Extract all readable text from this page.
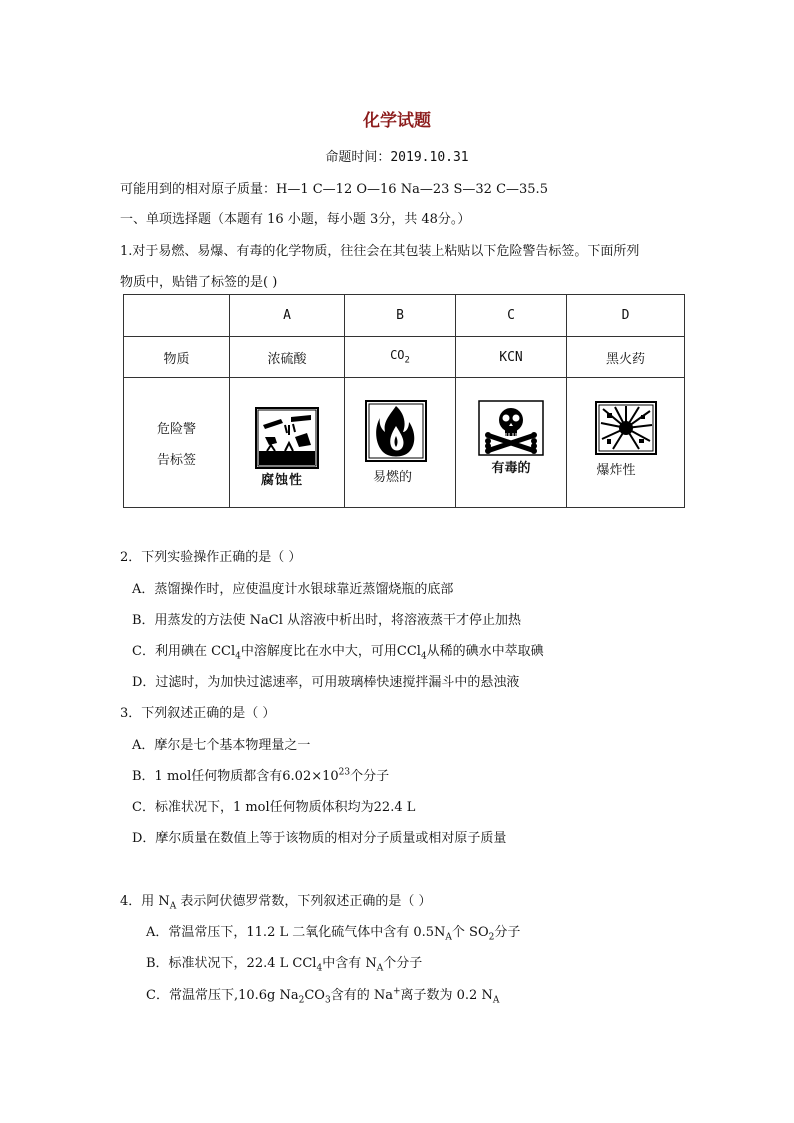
化学试题
命题时间：2019.10.31
可能用到的相对原子质量：H—1 C—12 O—16 Na—23 S—32 C—35.5
一、单项选择题（本题有 16 小题，每小题 3分，共 48分。）
1.对于易燃、易爆、有毒的化学物质，往往会在其包装上粘贴以下危险警告标签。下面所列
物质中，贴错了标签的是( )
	A	B	C	D
物质	浓硫酸	$CO_2$	KCN	黑火药

危险警
告标签	腐蚀性	易燃的	有毒的	爆炸性
2．下列实验操作正确的是（ ）
A．蒸馏操作时，应使温度计水银球靠近蒸馏烧瓶的底部
B．用蒸发的方法使 NaCl 从溶液中析出时，将溶液蒸干才停止加热
C．利用碘在 CCl$_4$中溶解度比在水中大，可用CCl$_4$从稀的碘水中萃取碘
D．过滤时，为加快过滤速率，可用玻璃棒快速搅拌漏斗中的悬浊液
3．下列叙述正确的是（ ）
A．摩尔是七个基本物理量之一
B．1 mol任何物质都含有$6.02\times 10^{23}$个分子
C．标准状况下，1 mol任何物质体积均为22.4 L
D．摩尔质量在数值上等于该物质的相对分子质量或相对原子质量
4．用 $N_A$ 表示阿伏德罗常数，下列叙述正确的是（ ）
A．常温常压下，11.2 L 二氧化硫气体中含有 $0.5N_A$个 $SO_2$分子
B．标准状况下，22.4 L CCl$_4$中含有 $N_A$个分子
C．常温常压下,10.6g $Na_2CO_3$含有的 Na+离子数为 0.2 $N_A$
